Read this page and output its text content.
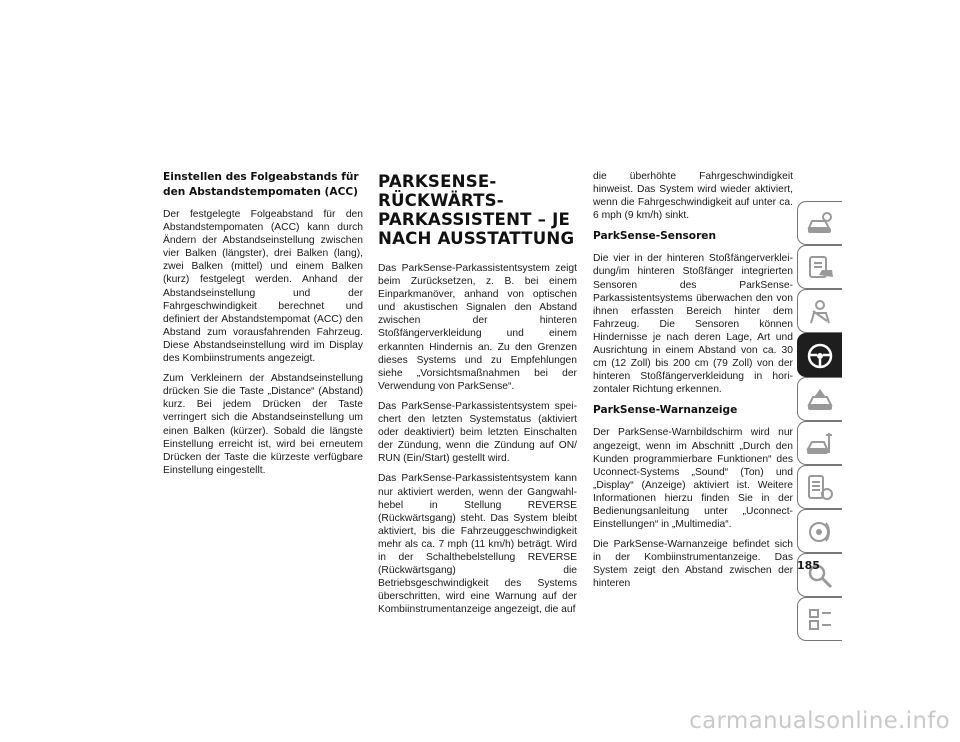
Einstellen des Folgeabstands für den Abstandstempomaten (ACC)

Der festgelegte Folgeabstand für den Abstandstempomaten (ACC) kann durch Ändern der Abstandseinstellung zwischen vier Balken (längster), drei Balken (lang), zwei Balken (mittel) und einem Balken (kurz) festgelegt werden. Anhand der Abstandseinstellung und der Fahrgeschwindigkeit berechnet und definiert der Abstandstempomat (ACC) den Abstand zum vorausfahrenden Fahrzeug. Diese Abstandseinstellung wird im Display des Kombiinstruments angezeigt.

Zum Verkleinern der Abstandseinstellung drücken Sie die Taste „Distance“ (Abstand) kurz. Bei jedem Drücken der Taste verringert sich die Abstandseinstellung um einen Balken (kürzer). Sobald die längste Einstellung erreicht ist, wird bei erneutem Drücken der Taste die kürzeste verfügbare Einstellung eingestellt.

PARKSENSE-RÜCKWÄRTS-PARKASSISTENT – JE NACH AUSSTATTUNG

Das ParkSense-Parkassistentsystem zeigt beim Zurücksetzen, z. B. bei einem Einparkmanöver, anhand von optischen und akustischen Signalen den Abstand zwischen der hinteren Stoßfängerverkleidung und einem erkannten Hindernis an. Zu den Grenzen dieses Systems und zu Empfehlungen siehe „Vorsichtsmaßnahmen bei der Verwendung von ParkSense“.

Das ParkSense-Parkassistentsystem speichert den letzten Systemstatus (aktiviert oder deaktiviert) beim letzten Einschalten der Zündung, wenn die Zündung auf ON/ RUN (Ein/Start) gestellt wird.

Das ParkSense-Parkassistentsystem kann nur aktiviert werden, wenn der Gangwahlhebel in Stellung REVERSE (Rückwärtsgang) steht. Das System bleibt aktiviert, bis die Fahrzeuggeschwindigkeit mehr als ca. 7 mph (11 km/h) beträgt. Wird in der Schalthebelstellung REVERSE (Rückwärtsgang) die Betriebsgeschwindigkeit des Systems überschritten, wird eine Warnung auf der Kombiinstrumentanzeige angezeigt, die auf

die überhöhte Fahrgeschwindigkeit hinweist. Das System wird wieder aktiviert, wenn die Fahrgeschwindigkeit auf unter ca. 6 mph (9 km/h) sinkt.

ParkSense-Sensoren

Die vier in der hinteren Stoßfängerverkleidung/im hinteren Stoßfänger integrierten Sensoren des ParkSense-Parkassistentsystems überwachen den von ihnen erfassten Bereich hinter dem Fahrzeug. Die Sensoren können Hindernisse je nach deren Lage, Art und Ausrichtung in einem Abstand von ca. 30 cm (12 Zoll) bis 200 cm (79 Zoll) von der hinteren Stoßfängerverkleidung in horizontaler Richtung erkennen.

ParkSense-Warnanzeige

Der ParkSense-Warnbildschirm wird nur angezeigt, wenn im Abschnitt „Durch den Kunden programmierbare Funktionen“ des Uconnect-Systems „Sound“ (Ton) und „Display“ (Anzeige) aktiviert ist. Weitere Informationen hierzu finden Sie in der Bedienungsanleitung unter „Uconnect-Einstellungen“ in „Multimedia“.

Die ParkSense-Warnanzeige befindet sich in der Kombiinstrumentanzeige. Das System zeigt den Abstand zwischen der hinteren

185
carmanualsonline.info
